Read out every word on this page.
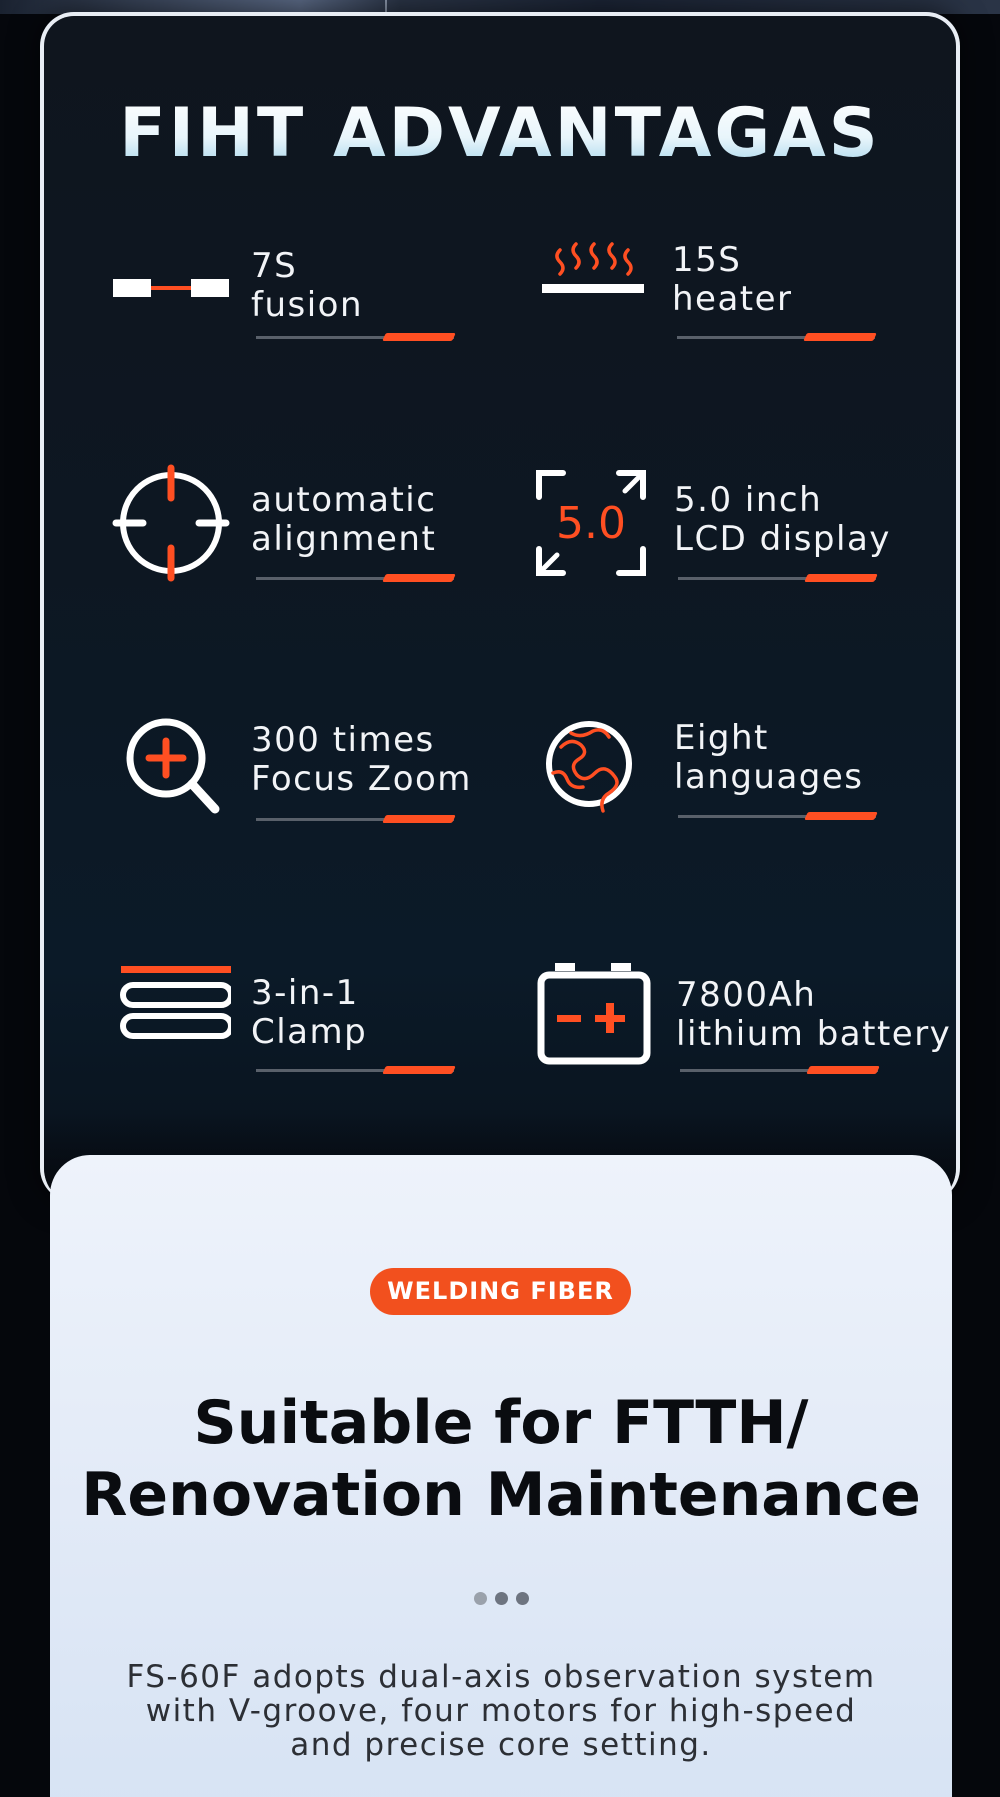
FIHT ADVANTAGAS
7S
fusion
15S
heater
automatic
alignment	5.0 5.0 inch
LCD display
300 times
Focus Zoom
Eight
languages
3-in-1
Clamp
7800Ah
lithium battery
WELDING FIBER
Suitable for FTTH/
Renovation Maintenance
FS-60F adopts dual-axis observation system
with V-groove, four motors for high-speed
and precise core setting.
